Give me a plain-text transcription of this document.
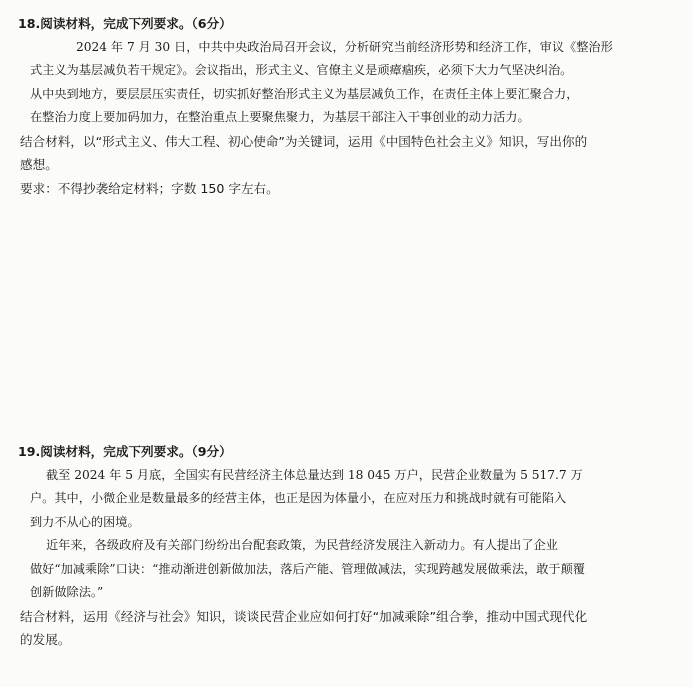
18.阅读材料，完成下列要求。（6分）
2024 年 7 月 30 日，中共中央政治局召开会议，分析研究当前经济形势和经济工作，审议《整治形
式主义为基层减负若干规定》。会议指出，形式主义、官僚主义是顽瘴痼疾，必须下大力气坚决纠治。
从中央到地方，要层层压实责任，切实抓好整治形式主义为基层减负工作，在责任主体上要汇聚合力，
在整治力度上要加码加力，在整治重点上要聚焦聚力，为基层干部注入干事创业的动力活力。
结合材料，以“形式主义、伟大工程、初心使命”为关键词，运用《中国特色社会主义》知识，写出你的
感想。
要求：不得抄袭给定材料；字数 150 字左右。
19.阅读材料，完成下列要求。（9分）
截至 2024 年 5 月底，全国实有民营经济主体总量达到 18 045 万户，民营企业数量为 5 517.7 万
户。其中，小微企业是数量最多的经营主体，也正是因为体量小，在应对压力和挑战时就有可能陷入
到力不从心的困境。
近年来，各级政府及有关部门纷纷出台配套政策，为民营经济发展注入新动力。有人提出了企业
做好“加减乘除”口诀：“推动渐进创新做加法，落后产能、管理做减法，实现跨越发展做乘法，敢于颠覆
创新做除法。”
结合材料，运用《经济与社会》知识，谈谈民营企业应如何打好“加减乘除”组合拳，推动中国式现代化
的发展。
